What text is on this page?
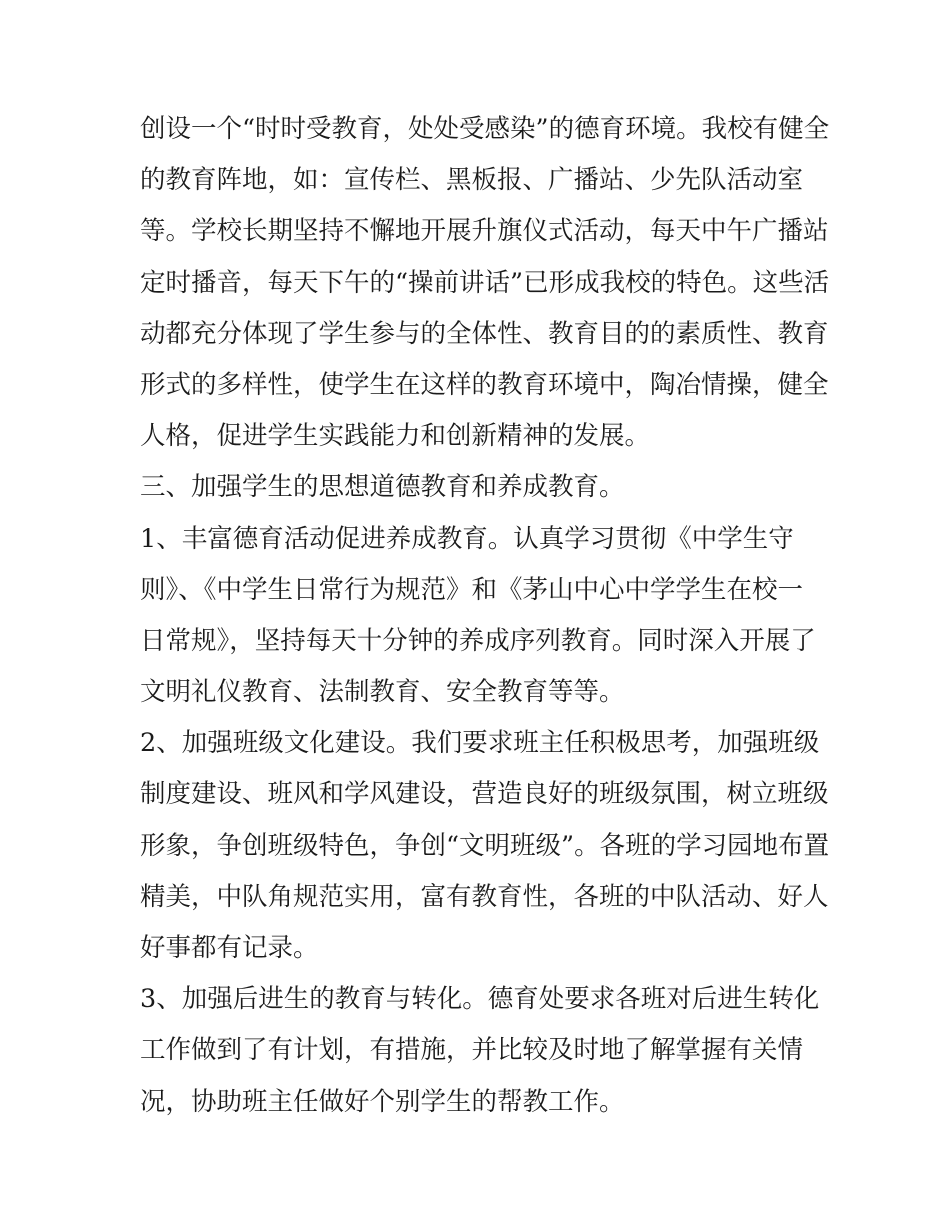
创设一个“时时受教育，处处受感染”的德育环境。我校有健全
的教育阵地，如：宣传栏、黑板报、广播站、少先队活动室
等。学校长期坚持不懈地开展升旗仪式活动，每天中午广播站
定时播音，每天下午的“操前讲话”已形成我校的特色。这些活
动都充分体现了学生参与的全体性、教育目的的素质性、教育
形式的多样性，使学生在这样的教育环境中，陶冶情操，健全
人格，促进学生实践能力和创新精神的发展。
三、加强学生的思想道德教育和养成教育。
1、丰富德育活动促进养成教育。认真学习贯彻《中学生守
则》、《中学生日常行为规范》和《茅山中心中学学生在校一
日常规》，坚持每天十分钟的养成序列教育。同时深入开展了
文明礼仪教育、法制教育、安全教育等等。
2、加强班级文化建设。我们要求班主任积极思考，加强班级
制度建设、班风和学风建设，营造良好的班级氛围，树立班级
形象，争创班级特色，争创“文明班级”。各班的学习园地布置
精美，中队角规范实用，富有教育性，各班的中队活动、好人
好事都有记录。
3、加强后进生的教育与转化。德育处要求各班对后进生转化
工作做到了有计划，有措施，并比较及时地了解掌握有关情
况，协助班主任做好个别学生的帮教工作。
